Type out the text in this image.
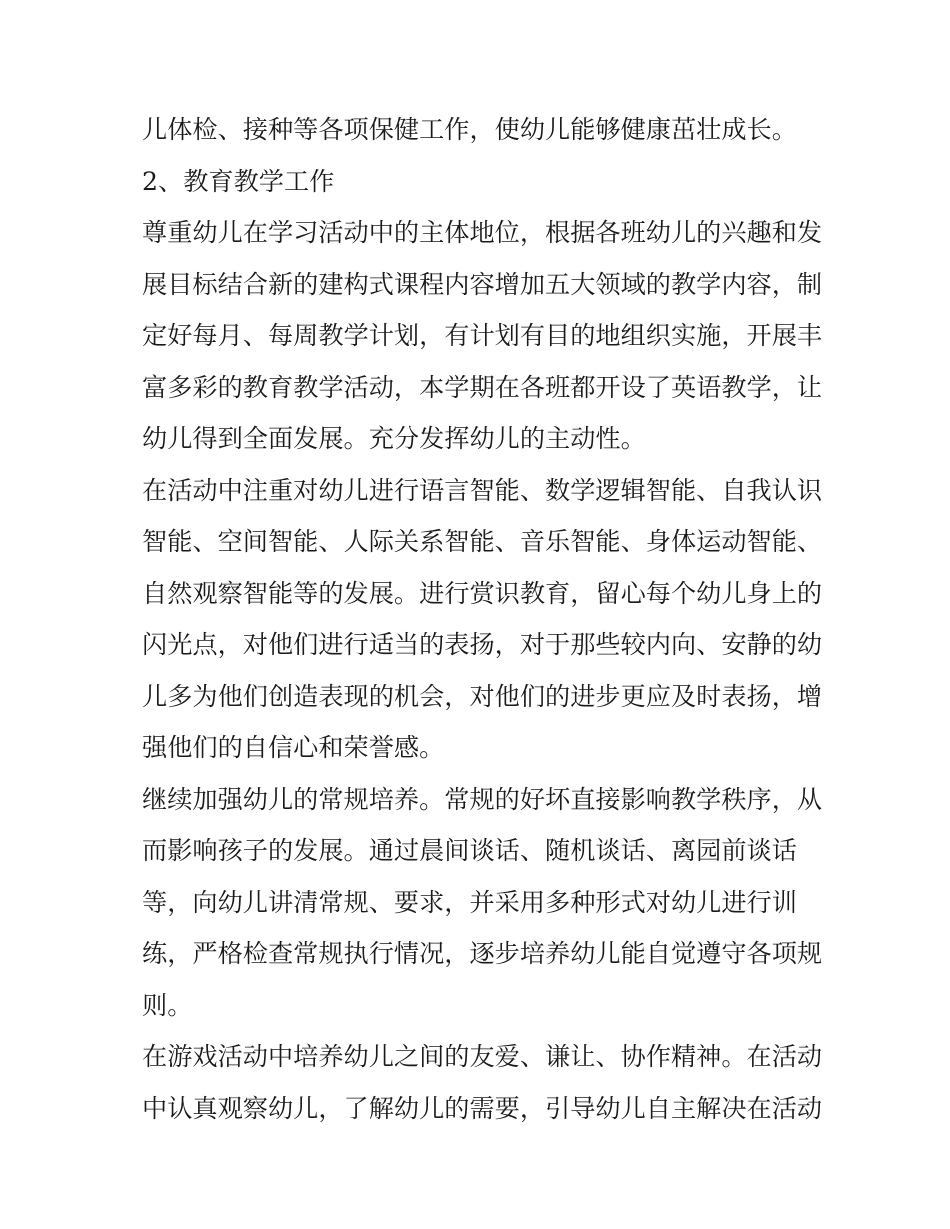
儿体检、接种等各项保健工作，使幼儿能够健康茁壮成长。
2、教育教学工作
尊重幼儿在学习活动中的主体地位，根据各班幼儿的兴趣和发
展目标结合新的建构式课程内容增加五大领域的教学内容，制
定好每月、每周教学计划，有计划有目的地组织实施，开展丰
富多彩的教育教学活动，本学期在各班都开设了英语教学，让
幼儿得到全面发展。充分发挥幼儿的主动性。
在活动中注重对幼儿进行语言智能、数学逻辑智能、自我认识
智能、空间智能、人际关系智能、音乐智能、身体运动智能、
自然观察智能等的发展。进行赏识教育，留心每个幼儿身上的
闪光点，对他们进行适当的表扬，对于那些较内向、安静的幼
儿多为他们创造表现的机会，对他们的进步更应及时表扬，增
强他们的自信心和荣誉感。
继续加强幼儿的常规培养。常规的好坏直接影响教学秩序，从
而影响孩子的发展。通过晨间谈话、随机谈话、离园前谈话
等，向幼儿讲清常规、要求，并采用多种形式对幼儿进行训
练，严格检查常规执行情况，逐步培养幼儿能自觉遵守各项规
则。
在游戏活动中培养幼儿之间的友爱、谦让、协作精神。在活动
中认真观察幼儿，了解幼儿的需要，引导幼儿自主解决在活动
